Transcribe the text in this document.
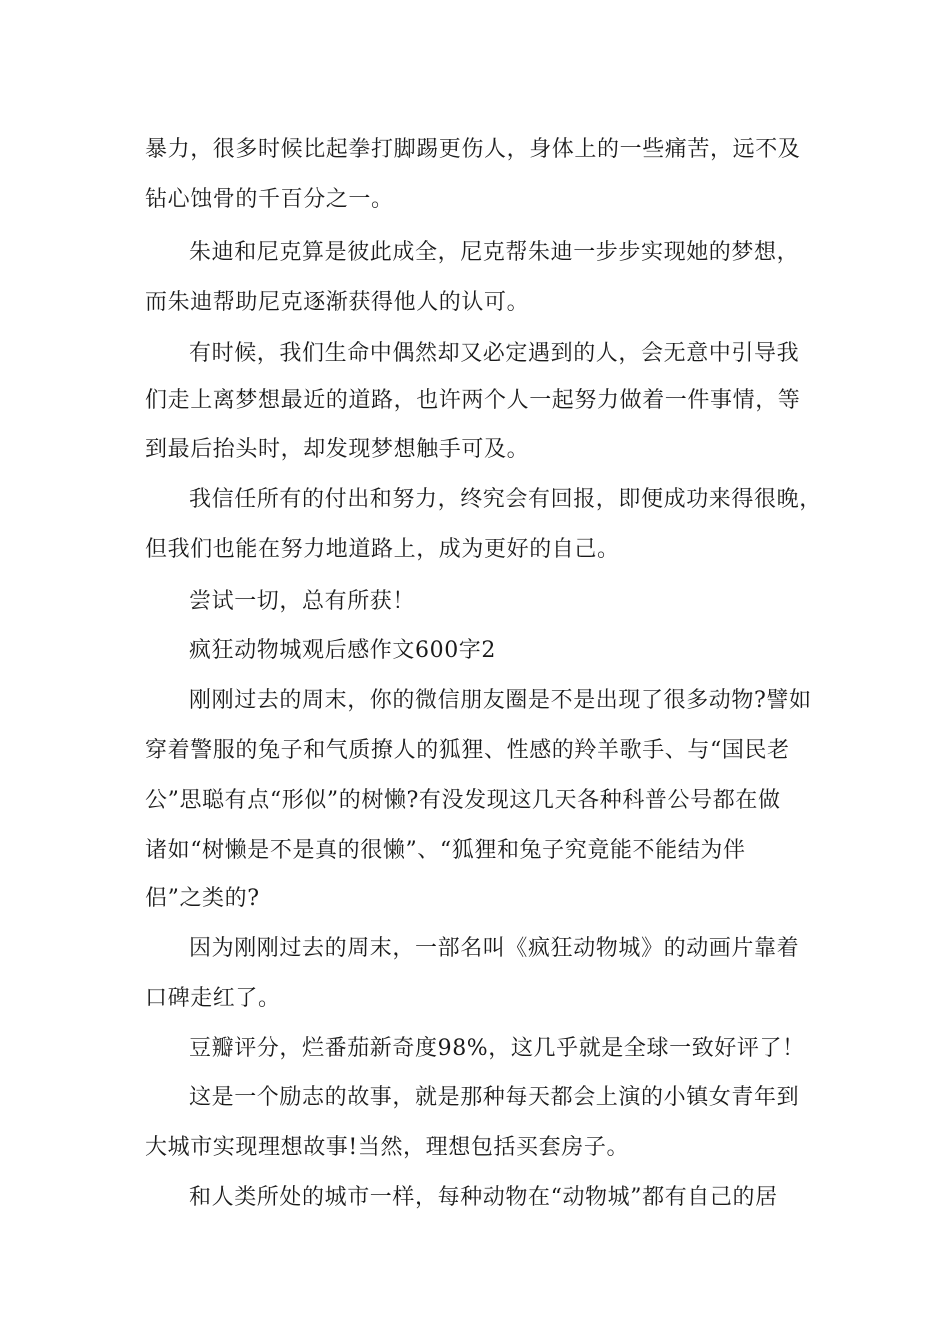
暴力，很多时候比起拳打脚踢更伤人，身体上的一些痛苦，远不及

钻心蚀骨的千百分之一。

朱迪和尼克算是彼此成全，尼克帮朱迪一步步实现她的梦想，

而朱迪帮助尼克逐渐获得他人的认可。

有时候，我们生命中偶然却又必定遇到的人，会无意中引导我

们走上离梦想最近的道路，也许两个人一起努力做着一件事情，等

到最后抬头时，却发现梦想触手可及。

我信任所有的付出和努力，终究会有回报，即便成功来得很晚，

但我们也能在努力地道路上，成为更好的自己。

尝试一切，总有所获！

疯狂动物城观后感作文600字2

刚刚过去的周末，你的微信朋友圈是不是出现了很多动物?譬如

穿着警服的兔子和气质撩人的狐狸、性感的羚羊歌手、与“国民老

公”思聪有点“形似”的树懒?有没发现这几天各种科普公号都在做

诸如“树懒是不是真的很懒”、“狐狸和兔子究竟能不能结为伴

侣”之类的?

因为刚刚过去的周末，一部名叫《疯狂动物城》的动画片靠着

口碑走红了。

豆瓣评分，烂番茄新奇度98%，这几乎就是全球一致好评了！

这是一个励志的故事，就是那种每天都会上演的小镇女青年到

大城市实现理想故事!当然，理想包括买套房子。

和人类所处的城市一样，每种动物在“动物城”都有自己的居
